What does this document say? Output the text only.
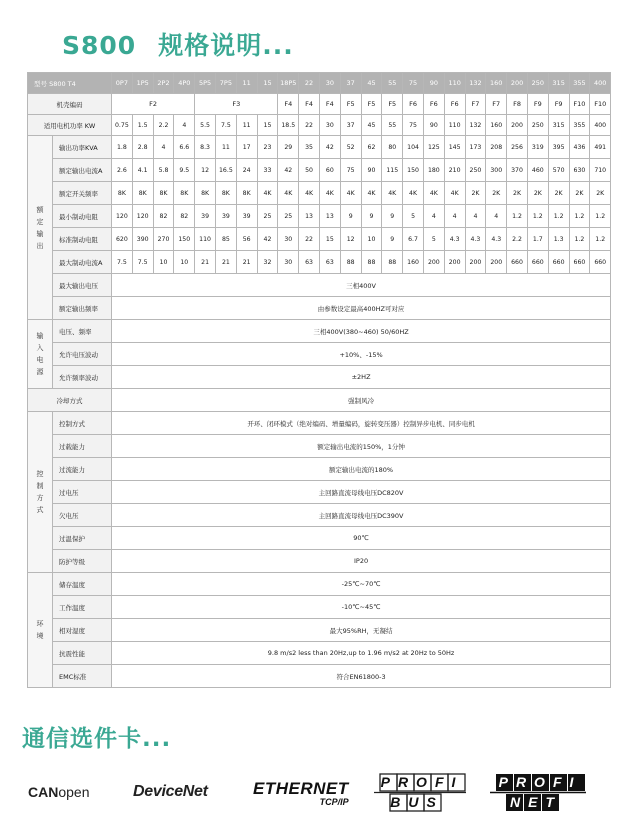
S800 规格说明...
型号 S800 T4		0P7	1P5	2P2	4P0	5P5	7P5	11	15	18P5	22	30	37	45	55	75	90	110	132	160	200	250	315	355	400
机壳编码		F2				F3				F4	F4	F4	F5	F5	F5	F6	F6	F6	F7	F7	F8	F9	F9	F10	F10
适用电机功率 KW		0.75	1.5	2.2	4	5.5	7.5	11	15	18.5	22	30	37	45	55	75	90	110	132	160	200	250	315	355	400
额定输出	输出功率KVA	1.8	2.8	4	6.6	8.3	11	17	23	29	35	42	52	62	80	104	125	145	173	208	256	319	395	436	491
	额定输出电流A	2.6	4.1	5.8	9.5	12	16.5	24	33	42	50	60	75	90	115	150	180	210	250	300	370	460	570	630	710
	额定开关频率	8K	8K	8K	8K	8K	8K	8K	4K	4K	4K	4K	4K	4K	4K	4K	4K	4K	2K	2K	2K	2K	2K	2K	2K
	最小制动电阻	120	120	82	82	39	39	39	25	25	13	13	9	9	9	5	4	4	4	4	1.2	1.2	1.2	1.2	1.2
	标准制动电阻	620	390	270	150	110	85	56	42	30	22	15	12	10	9	6.7	5	4.3	4.3	4.3	2.2	1.7	1.3	1.2	1.2
	最大制动电流A	7.5	7.5	10	10	21	21	21	32	30	63	63	88	88	88	160	200	200	200	200	660	660	660	660	660
	最大输出电压	三相400V																							
	额定输出频率	由参数设定最高400HZ可对应																							
输入电源	电压、频率	三相400V(380~460) 50/60HZ																							
	允许电压波动	+10%、-15%																							
	允许频率波动	±2HZ																							
冷却方式		强制风冷																							
控制方式	控制方式	开环、闭环模式（绝对编码、增量编码，旋转变压器）控制异步电机、同步电机																							
	过载能力	额定输出电流的150%，1分钟																							
	过流能力	额定输出电流的180%																							
	过电压	主回路直流母线电压DC820V																							
	欠电压	主回路直流母线电压DC390V																							
	过温保护	90℃																							
	防护等级	IP20																							
环境	储存温度	-25℃~70℃																							
	工作温度	-10℃~45℃																							
	相对湿度	最大95%RH，无凝结																							
	抗震性能	9.8 m/s2 less than 20Hz,up to 1.96 m/s2 at 20Hz to 50Hz																							
	EMC标准	符合EN61800-3																							
通信选件卡...
CANopen	DeviceNet	ETHERNET
TCP/IP
PROFI
BUS
PROFI
NET
